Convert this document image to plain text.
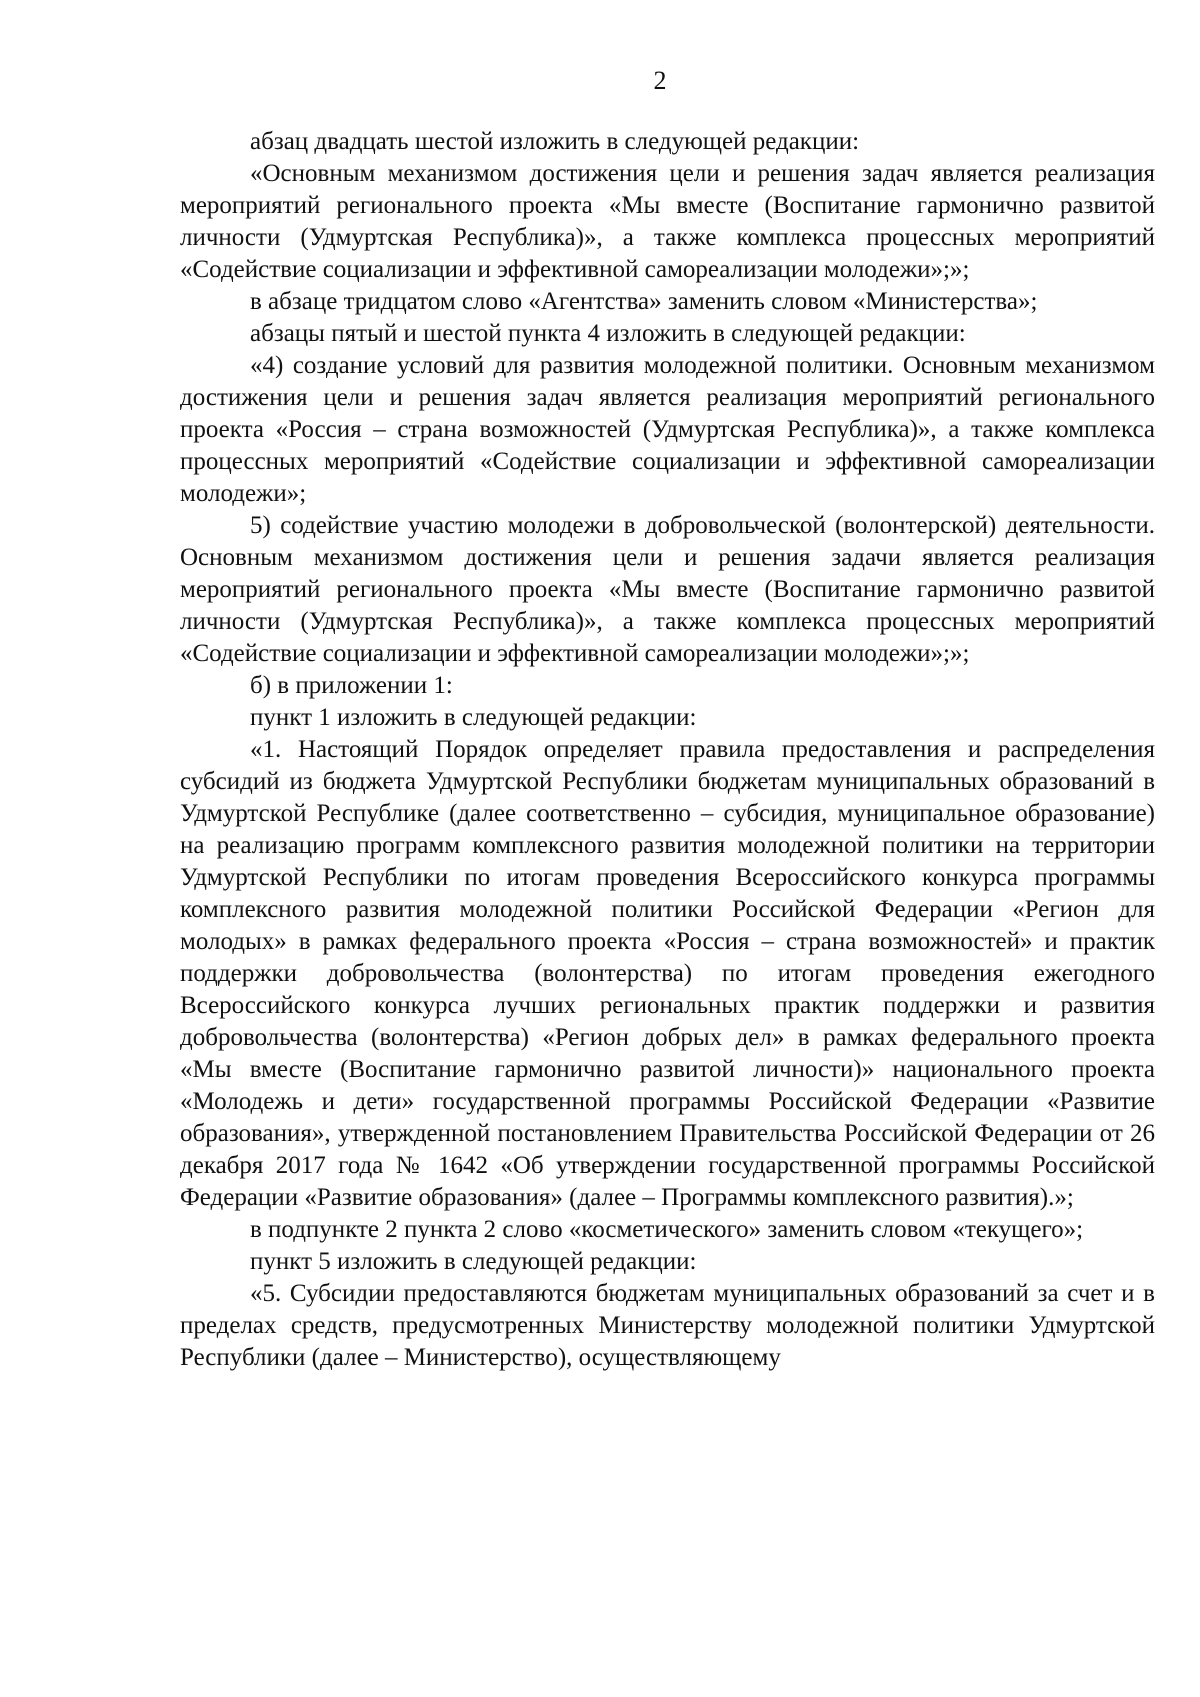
2

абзац двадцать шестой изложить в следующей редакции:

«Основным механизмом достижения цели и решения задач является реализация мероприятий регионального проекта «Мы вместе (Воспитание гармонично развитой личности (Удмуртская Республика)», а также комплекса процессных мероприятий «Содействие социализации и эффективной самореализации молодежи»;»;

в абзаце тридцатом слово «Агентства» заменить словом «Министерства»;

абзацы пятый и шестой пункта 4 изложить в следующей редакции:

«4) создание условий для развития молодежной политики. Основным механизмом достижения цели и решения задач является реализация мероприятий регионального проекта «Россия – страна возможностей (Удмуртская Республика)», а также комплекса процессных мероприятий «Содействие социализации и эффективной самореализации молодежи»;

5) содействие участию молодежи в добровольческой (волонтерской) деятельности. Основным механизмом достижения цели и решения задачи является реализация мероприятий регионального проекта «Мы вместе (Воспитание гармонично развитой личности (Удмуртская Республика)», а также комплекса процессных мероприятий «Содействие социализации и эффективной самореализации молодежи»;»;

б) в приложении 1:

пункт 1 изложить в следующей редакции:

«1. Настоящий Порядок определяет правила предоставления и распределения субсидий из бюджета Удмуртской Республики бюджетам муниципальных образований в Удмуртской Республике (далее соответственно – субсидия, муниципальное образование) на реализацию программ комплексного развития молодежной политики на территории Удмуртской Республики по итогам проведения Всероссийского конкурса программы комплексного развития молодежной политики Российской Федерации «Регион для молодых» в рамках федерального проекта «Россия – страна возможностей» и практик поддержки добровольчества (волонтерства) по итогам проведения ежегодного Всероссийского конкурса лучших региональных практик поддержки и развития добровольчества (волонтерства) «Регион добрых дел» в рамках федерального проекта «Мы вместе (Воспитание гармонично развитой личности)» национального проекта «Молодежь и дети» государственной программы Российской Федерации «Развитие образования», утвержденной постановлением Правительства Российской Федерации от 26 декабря 2017 года № 1642 «Об утверждении государственной программы Российской Федерации «Развитие образования» (далее – Программы комплексного развития).»;

в подпункте 2 пункта 2 слово «косметического» заменить словом «текущего»;

пункт 5 изложить в следующей редакции:

«5. Субсидии предоставляются бюджетам муниципальных образований за счет и в пределах средств, предусмотренных Министерству молодежной политики Удмуртской Республики (далее – Министерство), осуществляющему
